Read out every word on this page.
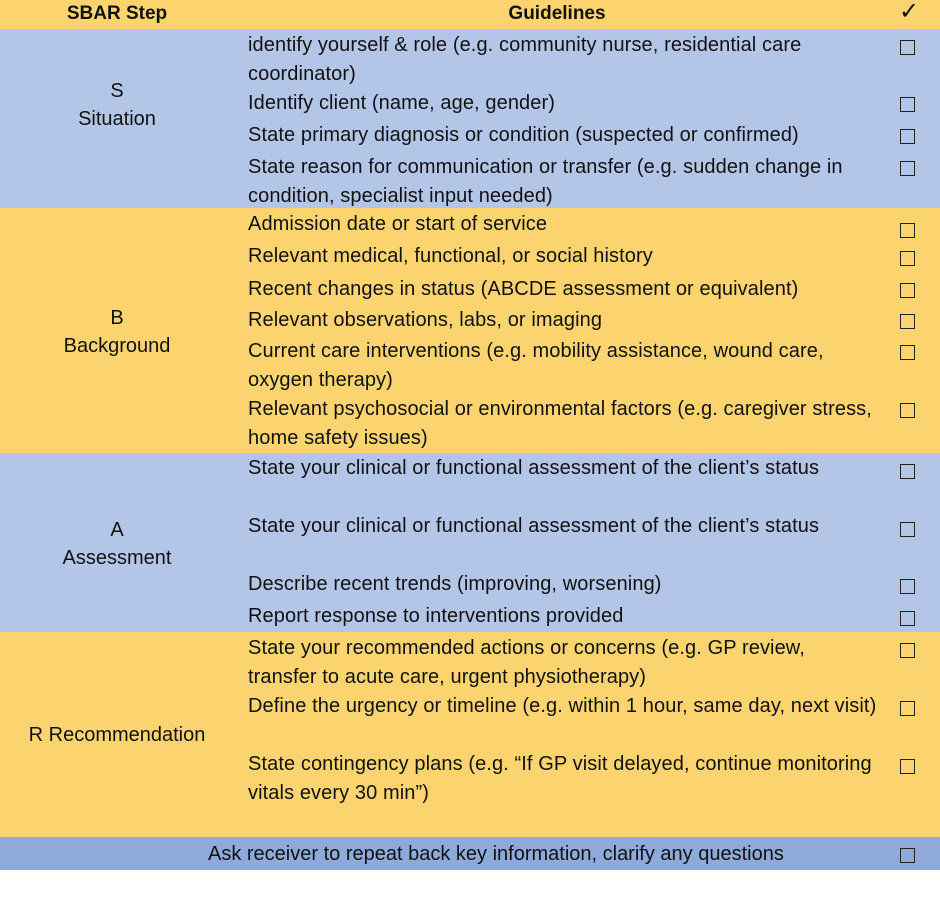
SBAR Step	Guidelines	✓
S
Situation
identify yourself & role (e.g. community nurse, residential care coordinator)
Identify client (name, age, gender)
State primary diagnosis or condition (suspected or confirmed)
State reason for communication or transfer (e.g. sudden change in condition, specialist input needed)
B
Background
Admission date or start of service
Relevant medical, functional, or social history
Recent changes in status (ABCDE assessment or equivalent)
Relevant observations, labs, or imaging
Current care interventions (e.g. mobility assistance, wound care, oxygen therapy)
Relevant psychosocial or environmental factors (e.g. caregiver stress, home safety issues)
A
Assessment
State your clinical or functional assessment of the client’s status
State your clinical or functional assessment of the client’s status
Describe recent trends (improving, worsening)
Report response to interventions provided
R Recommendation
State your recommended actions or concerns (e.g. GP review, transfer to acute care, urgent physiotherapy)
Define the urgency or timeline (e.g. within 1 hour, same day, next visit)
State contingency plans (e.g. “If GP visit delayed, continue monitoring vitals every 30 min”)
Ask receiver to repeat back key information, clarify any questions
